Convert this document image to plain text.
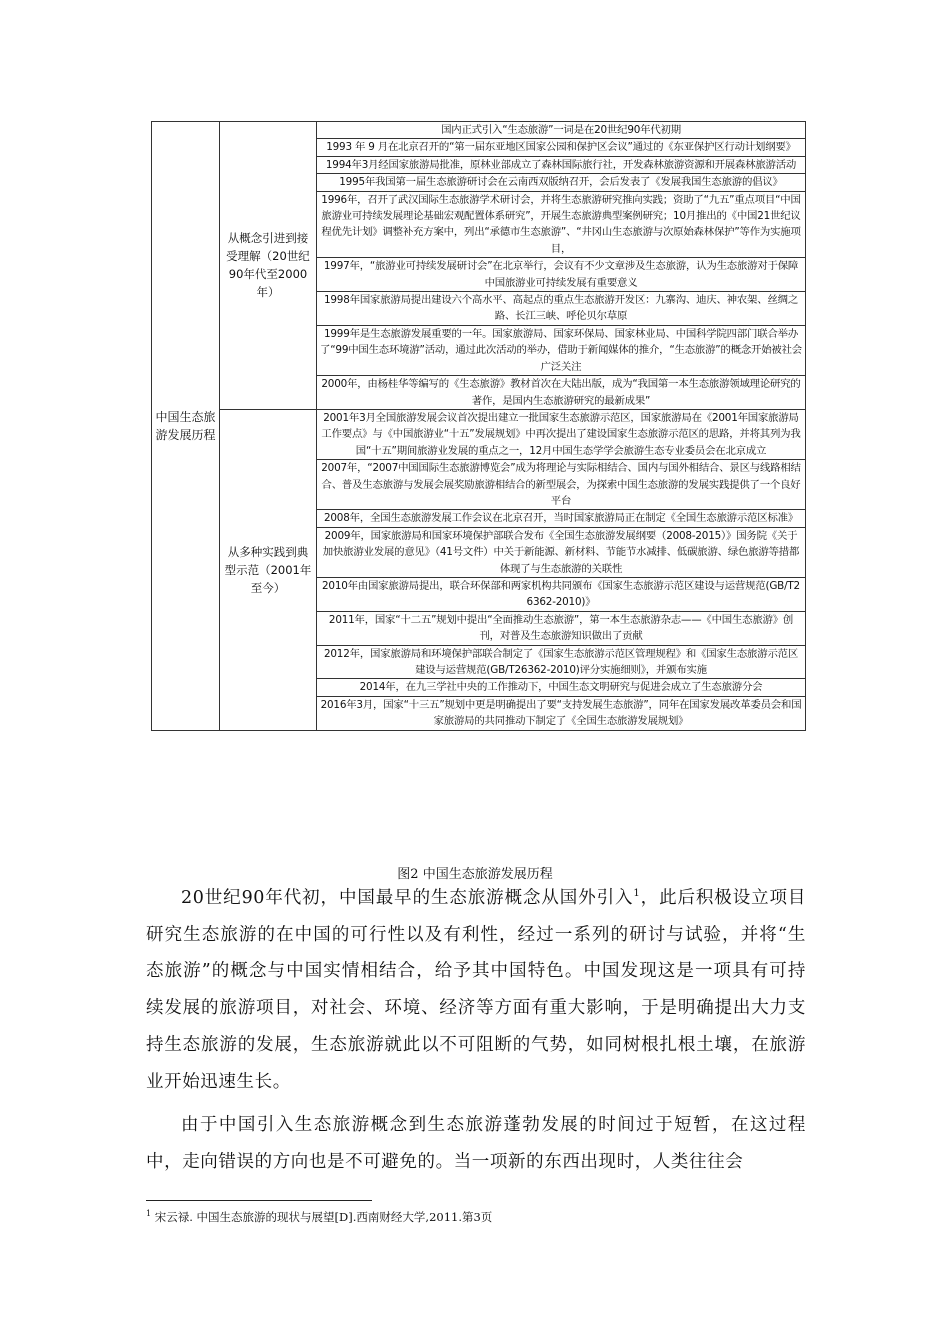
中国生态旅游发展历程	从概念引进到接受理解（20世纪90年代至2000年）	国内正式引入“生态旅游”一词是在20世纪90年代初期
		1993 年 9 月在北京召开的“第一届东亚地区国家公园和保护区会议”通过的《东亚保护区行动计划纲要》
		1994年3月经国家旅游局批准，原林业部成立了森林国际旅行社，开发森林旅游资源和开展森林旅游活动
		1995年我国第一届生态旅游研讨会在云南西双版纳召开，会后发表了《发展我国生态旅游的倡议》
		1996年，召开了武汉国际生态旅游学术研讨会，并将生态旅游研究推向实践；资助了“九五”重点项目“中国旅游业可持续发展理论基础宏观配置体系研究”，开展生态旅游典型案例研究；10月推出的《中国21世纪议程优先计划》调整补充方案中，列出“承德市生态旅游”、“井冈山生态旅游与次原始森林保护”等作为实施项目，
		1997年，“旅游业可持续发展研讨会”在北京举行，会议有不少文章涉及生态旅游，认为生态旅游对于保障中国旅游业可持续发展有重要意义
		1998年国家旅游局提出建设六个高水平、高起点的重点生态旅游开发区：九寨沟、迪庆、神农架、丝绸之路、长江三峡、呼伦贝尔草原
		1999年是生态旅游发展重要的一年。国家旅游局、国家环保局、国家林业局、中国科学院四部门联合举办了“99中国生态环境游”活动，通过此次活动的举办，借助于新闻媒体的推介，“生态旅游”的概念开始被社会广泛关注
		2000年，由杨桂华等编写的《生态旅游》教材首次在大陆出版，成为“我国第一本生态旅游领域理论研究的著作，是国内生态旅游研究的最新成果”
	从多种实践到典型示范（2001年至今）	2001年3月全国旅游发展会议首次提出建立一批国家生态旅游示范区，国家旅游局在《2001年国家旅游局工作要点》与《中国旅游业“十五”发展规划》中再次提出了建设国家生态旅游示范区的思路，并将其列为我国“十五”期间旅游业发展的重点之一，12月中国生态学学会旅游生态专业委员会在北京成立
		2007年，“2007中国国际生态旅游博览会”成为将理论与实际相结合、国内与国外相结合、景区与线路相结合、普及生态旅游与发展会展奖励旅游相结合的新型展会，为探索中国生态旅游的发展实践提供了一个良好平台
		2008年，全国生态旅游发展工作会议在北京召开，当时国家旅游局正在制定《全国生态旅游示范区标准》
		2009年，国家旅游局和国家环境保护部联合发布《全国生态旅游发展纲要（2008-2015）》国务院《关于加快旅游业发展的意见》（41号文件）中关于新能源、新材料、节能节水减排、低碳旅游、绿色旅游等措都体现了与生态旅游的关联性
		2010年由国家旅游局提出，联合环保部和两家机构共同颁布《国家生态旅游示范区建设与运营规范(GB/T26362-2010)》
		2011年，国家“十二五”规划中提出“全面推动生态旅游”，第一本生态旅游杂志——《中国生态旅游》创刊，对普及生态旅游知识做出了贡献
		2012年，国家旅游局和环境保护部联合制定了《国家生态旅游示范区管理规程》和《国家生态旅游示范区建设与运营规范(GB/T26362-2010)评分实施细则》，并颁布实施
		2014年，在九三学社中央的工作推动下，中国生态文明研究与促进会成立了生态旅游分会
		2016年3月，国家“十三五”规划中更是明确提出了要“支持发展生态旅游”，同年在国家发展改革委员会和国家旅游局的共同推动下制定了《全国生态旅游发展规划》
图2 中国生态旅游发展历程

20世纪90年代初，中国最早的生态旅游概念从国外引入$^1$，此后积极设立项目研究生态旅游的在中国的可行性以及有利性，经过一系列的研讨与试验，并将“生态旅游”的概念与中国实情相结合，给予其中国特色。中国发现这是一项具有可持续发展的旅游项目，对社会、环境、经济等方面有重大影响，于是明确提出大力支持生态旅游的发展，生态旅游就此以不可阻断的气势，如同树根扎根土壤，在旅游业开始迅速生长。

由于中国引入生态旅游概念到生态旅游蓬勃发展的时间过于短暂，在这过程中，走向错误的方向也是不可避免的。当一项新的东西出现时，人类往往会

$^1$ 宋云禄. 中国生态旅游的现状与展望[D].西南财经大学,2011.第3页
